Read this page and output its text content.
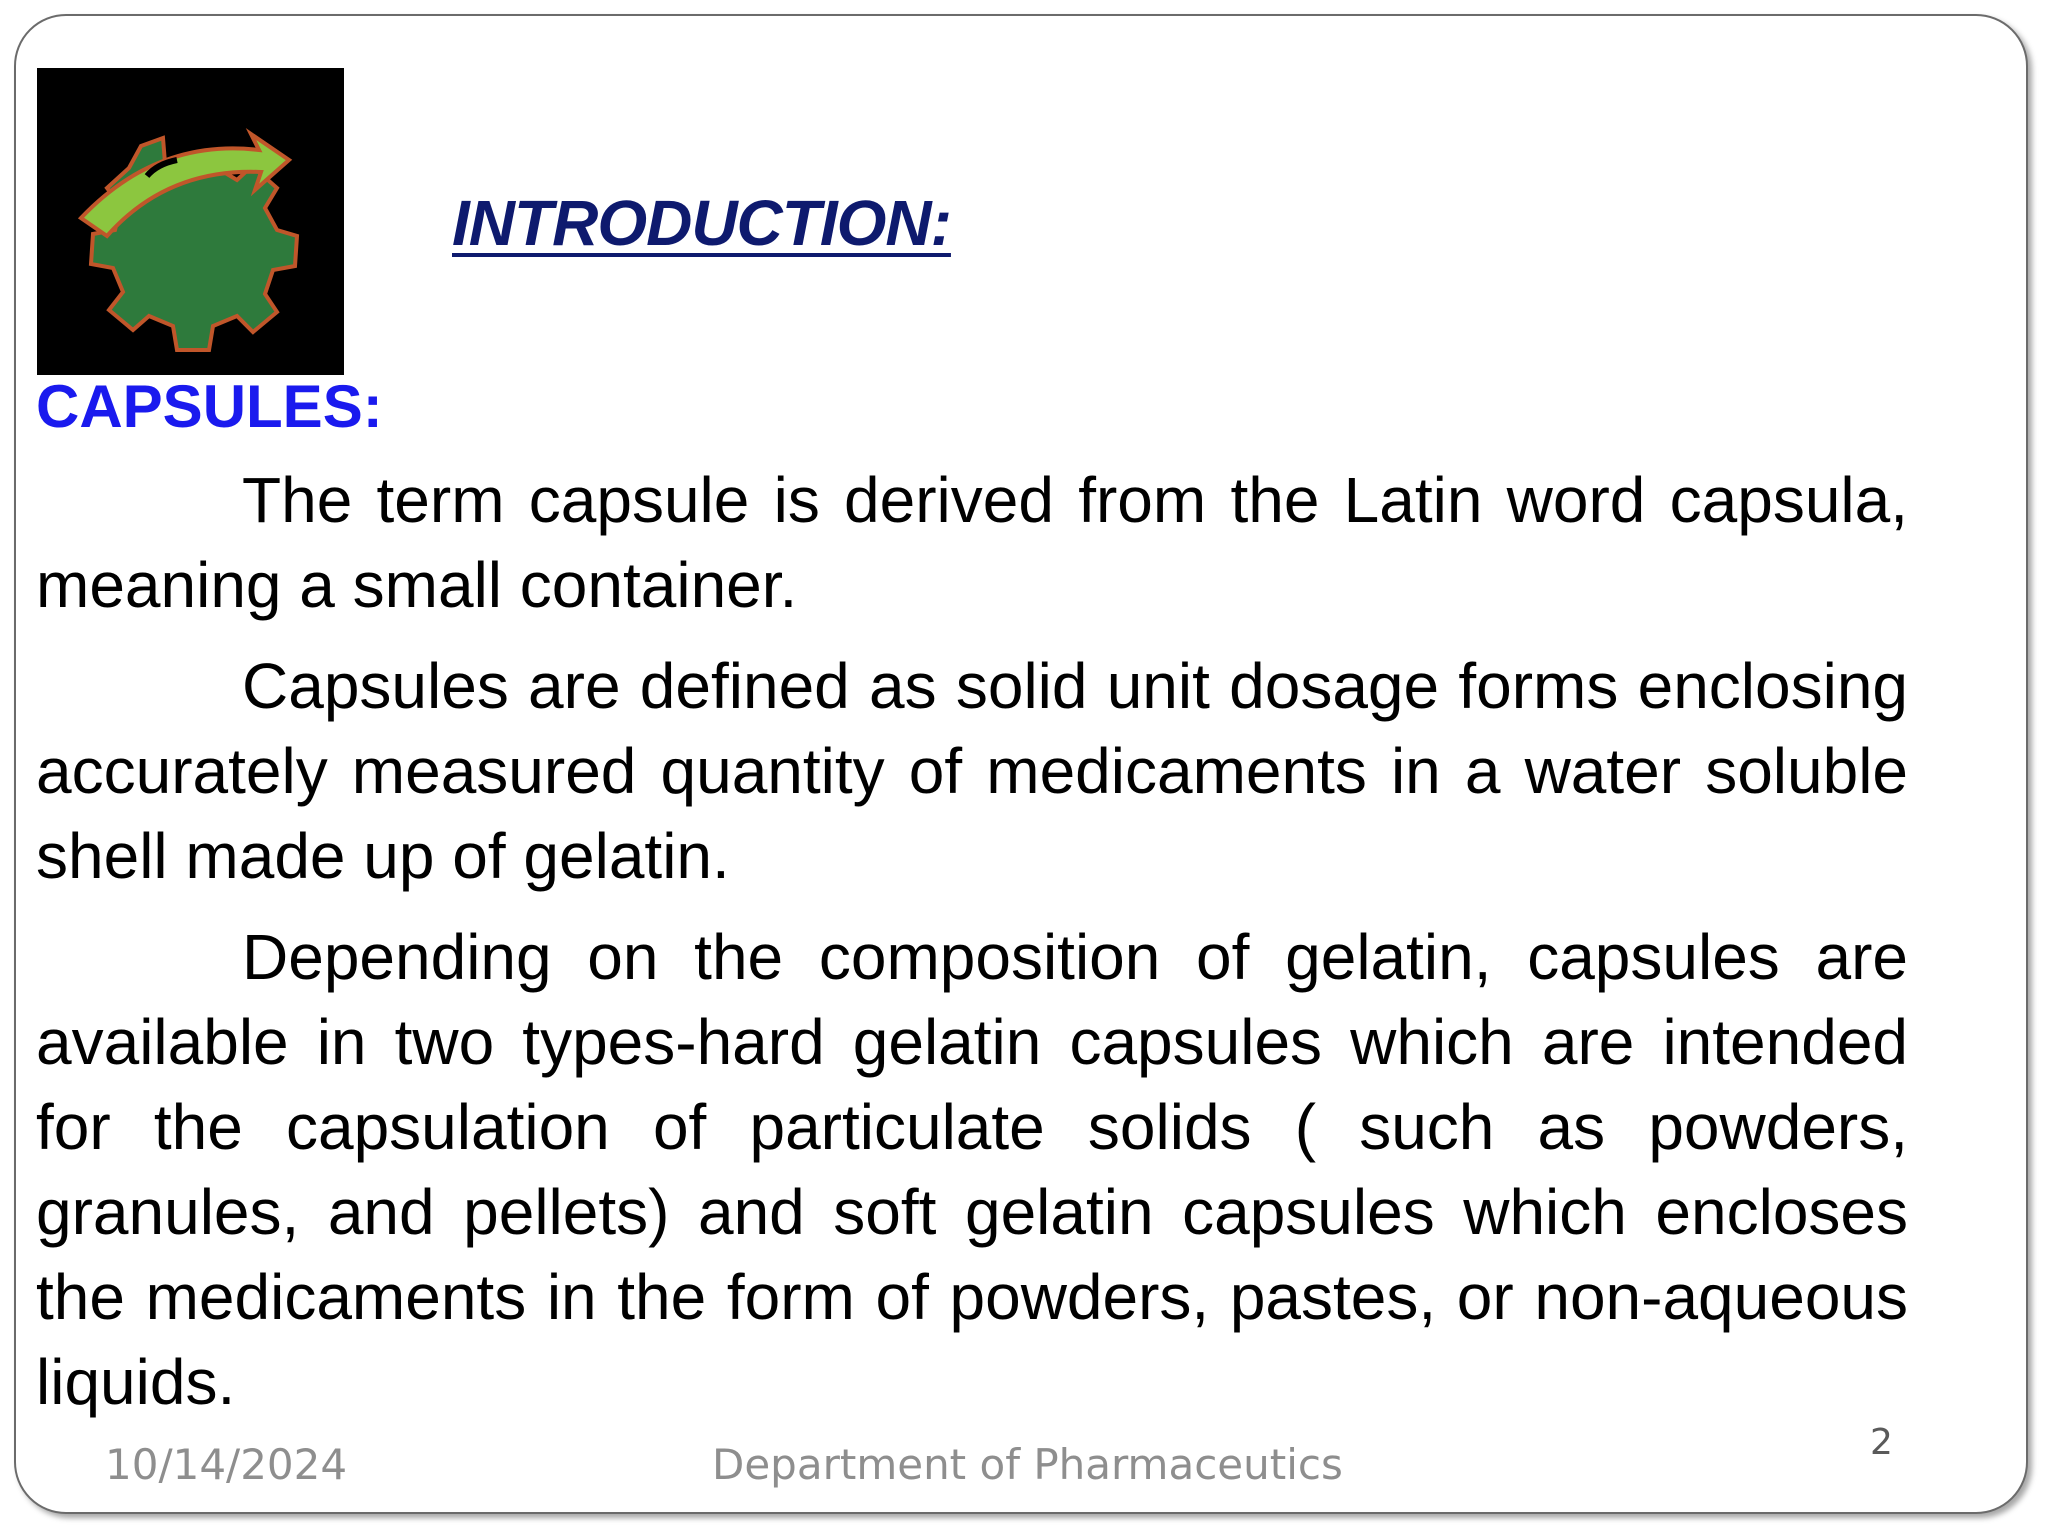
INTRODUCTION:
CAPSULES:

The term capsule is derived from the Latin word capsula, meaning a small container.

Capsules are defined as solid unit dosage forms enclosing accurately measured quantity of medicaments in a water soluble shell made up of gelatin.

Depending on the composition of gelatin, capsules are available in two types-hard gelatin capsules which are intended for the capsulation of particulate solids ( such as powders, granules, and pellets) and soft gelatin capsules which encloses the medicaments in the form of powders, pastes, or non-aqueous liquids.

10/14/2024	Department of Pharmaceutics	2
